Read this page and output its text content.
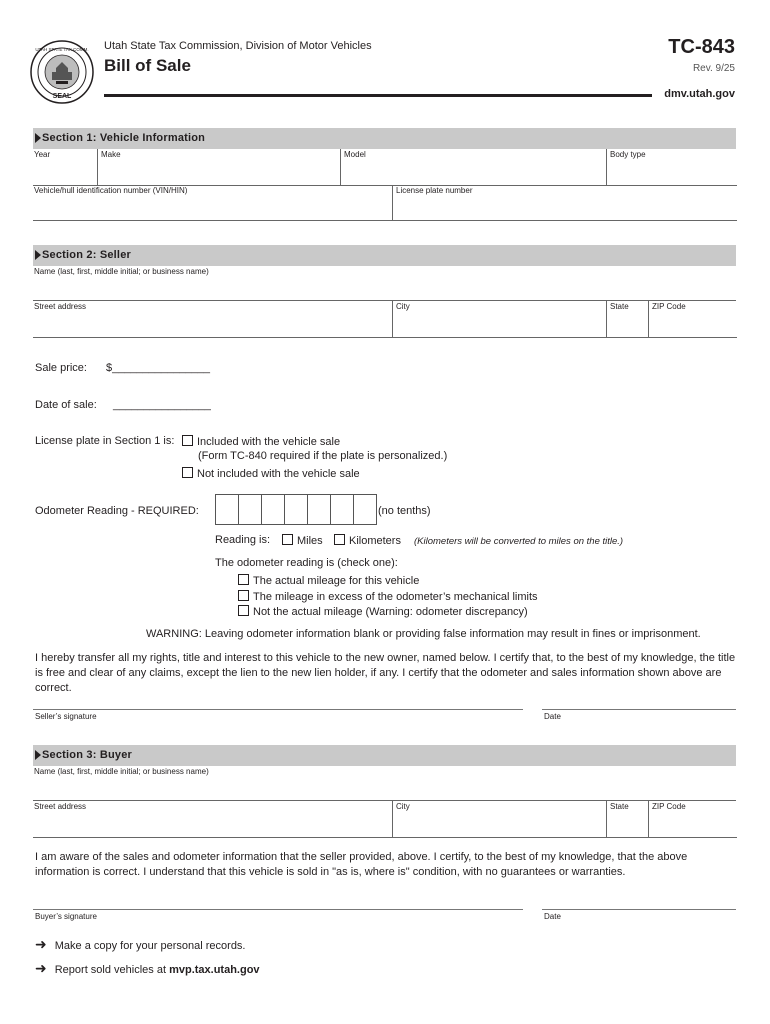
SEAL
UTAH STATE TAX COMM. Utah State Tax Commission, Division of Motor Vehicles
Bill of Sale
TC-843
Rev. 9/25
dmv.utah.gov
Section 1: Vehicle Information
Year	Make	Model	Body type
Vehicle/hull identification number (VIN/HIN)	License plate number
Section 2: Seller
Name (last, first, middle initial; or business name)
Street address	City	State	ZIP Code
Sale price: $________________
Date of sale: ________________
License plate in Section 1 is:	Included with the vehicle sale
(Form TC-840 required if the plate is personalized.)
Not included with the vehicle sale
Odometer Reading - REQUIRED:	(no tenths)
Reading is:	Miles	Kilometers (Kilometers will be converted to miles on the title.)
The odometer reading is (check one):
The actual mileage for this vehicle
The mileage in excess of the odometer’s mechanical limits
Not the actual mileage (Warning: odometer discrepancy)
WARNING: Leaving odometer information blank or providing false information may result in fines or imprisonment.
I hereby transfer all my rights, title and interest to this vehicle to the new owner, named below. I certify that, to the best of my knowledge, the title is free and clear of any claims, except the lien to the new lien holder, if any. I certify that the odometer and sales information shown above are correct.
Seller’s signature	Date
Section 3: Buyer
Name (last, first, middle initial; or business name)
Street address	City	State	ZIP Code
I am aware of the sales and odometer information that the seller provided, above. I certify, to the best of my knowledge, that the above information is correct. I understand that this vehicle is sold in "as is, where is" condition, with no guarantees or warranties.
Buyer’s signature	Date
➜ Make a copy for your personal records.
➜ Report sold vehicles at mvp.tax.utah.gov
